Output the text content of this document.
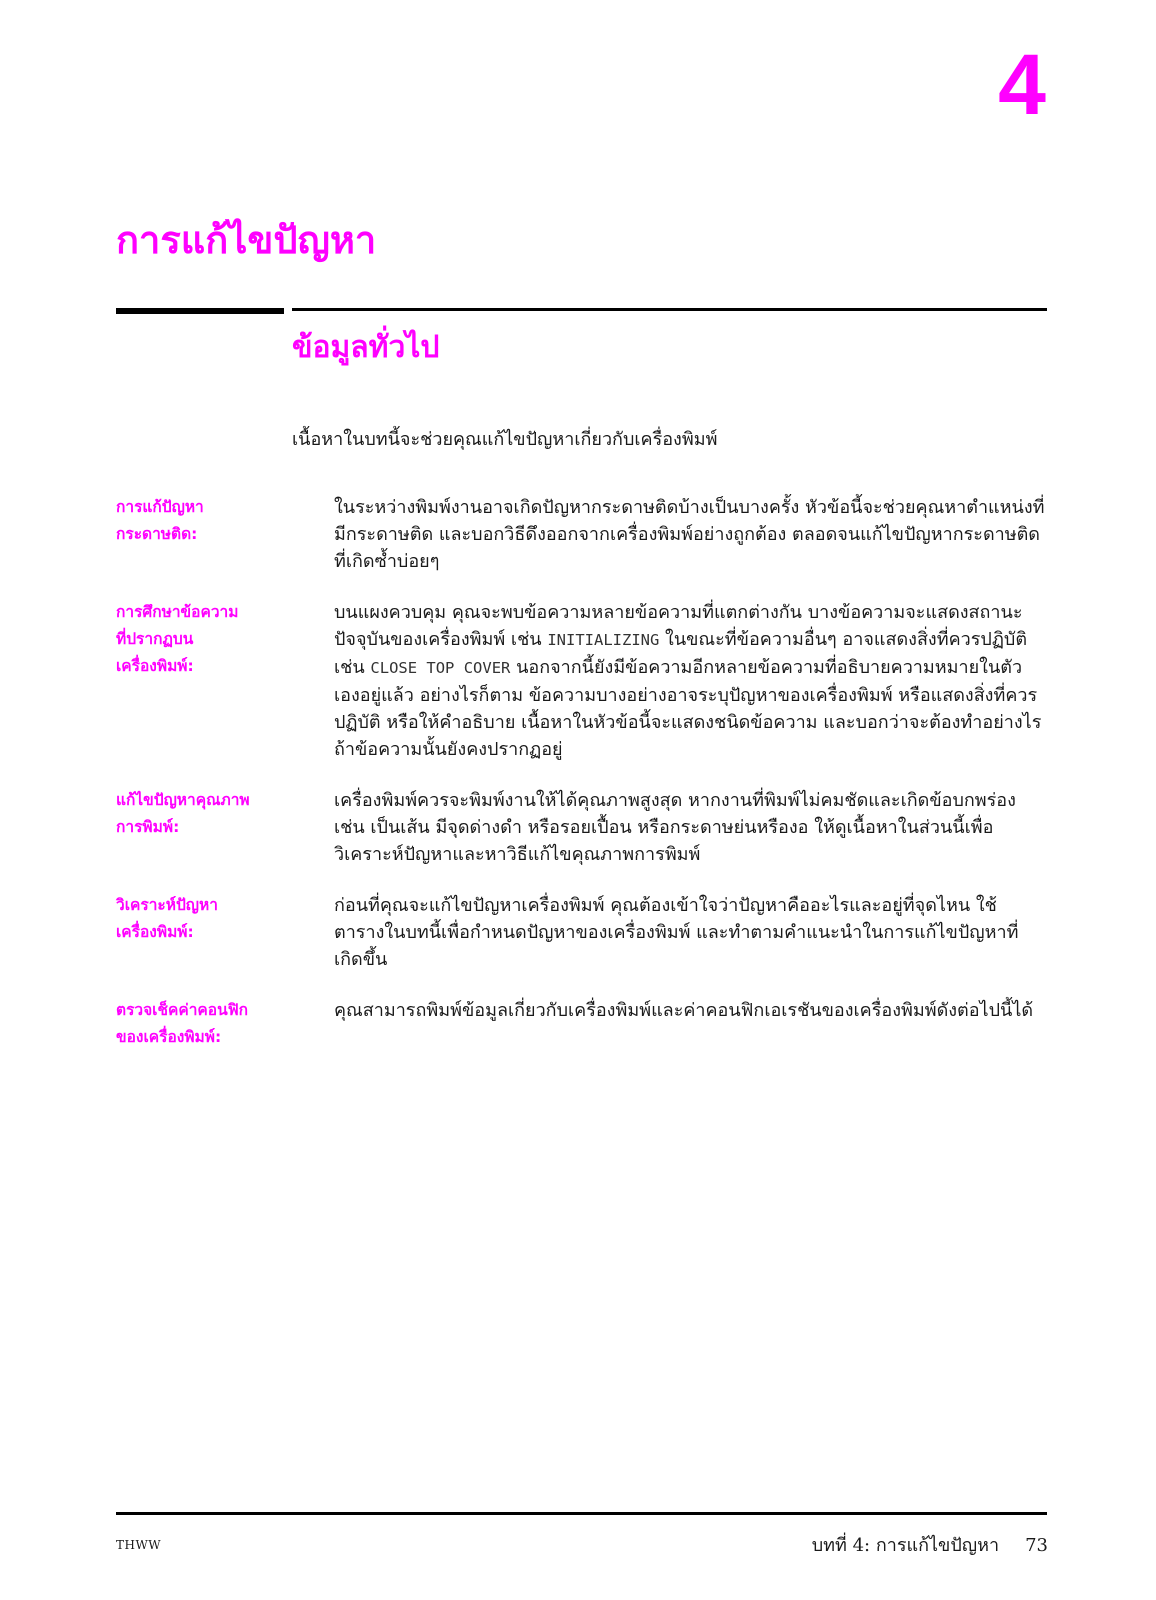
4
การแก้ไขปัญหา
ข้อมูลทั่วไป

เนื้อหาในบทนี้จะช่วยคุณแก้ไขปัญหาเกี่ยวกับเครื่องพิมพ์

การแก้ปัญหา
กระดาษติด:
ในระหว่างพิมพ์งานอาจเกิดปัญหากระดาษติดบ้างเป็นบางครั้ง หัวข้อนี้จะช่วยคุณหาตำแหน่งที่มีกระดาษติด และบอกวิธีดึงออกจากเครื่องพิมพ์อย่างถูกต้อง ตลอดจนแก้ไขปัญหากระดาษติดที่เกิดซ้ำบ่อยๆ
การศึกษาข้อความ
ที่ปรากฏบน
เครื่องพิมพ์:
บนแผงควบคุม คุณจะพบข้อความหลายข้อความที่แตกต่างกัน บางข้อความจะแสดงสถานะปัจจุบันของเครื่องพิมพ์ เช่น INITIALIZING ในขณะที่ข้อความอื่นๆ อาจแสดงสิ่งที่ควรปฏิบัติ เช่น CLOSE TOP COVER นอกจากนี้ยังมีข้อความอีกหลายข้อความที่อธิบายความหมายในตัวเองอยู่แล้ว อย่างไรก็ตาม ข้อความบางอย่างอาจระบุปัญหาของเครื่องพิมพ์ หรือแสดงสิ่งที่ควรปฏิบัติ หรือให้คำอธิบาย เนื้อหาในหัวข้อนี้จะแสดงชนิดข้อความ และบอกว่าจะต้องทำอย่างไรถ้าข้อความนั้นยังคงปรากฏอยู่
แก้ไขปัญหาคุณภาพ
การพิมพ์:
เครื่องพิมพ์ควรจะพิมพ์งานให้ได้คุณภาพสูงสุด หากงานที่พิมพ์ไม่คมชัดและเกิดข้อบกพร่อง เช่น เป็นเส้น มีจุดด่างดำ หรือรอยเปื้อน หรือกระดาษย่นหรืองอ ให้ดูเนื้อหาในส่วนนี้เพื่อวิเคราะห์ปัญหาและหาวิธีแก้ไขคุณภาพการพิมพ์
วิเคราะห์ปัญหา
เครื่องพิมพ์:
ก่อนที่คุณจะแก้ไขปัญหาเครื่องพิมพ์ คุณต้องเข้าใจว่าปัญหาคืออะไรและอยู่ที่จุดไหน ใช้ตารางในบทนี้เพื่อกำหนดปัญหาของเครื่องพิมพ์ และทำตามคำแนะนำในการแก้ไขปัญหาที่เกิดขึ้น
ตรวจเช็คค่าคอนฟิก
ของเครื่องพิมพ์:
คุณสามารถพิมพ์ข้อมูลเกี่ยวกับเครื่องพิมพ์และค่าคอนฟิกเอเรชันของเครื่องพิมพ์ดังต่อไปนี้ได้
THWW	บทที่ 4: การแก้ไขปัญหา 73
